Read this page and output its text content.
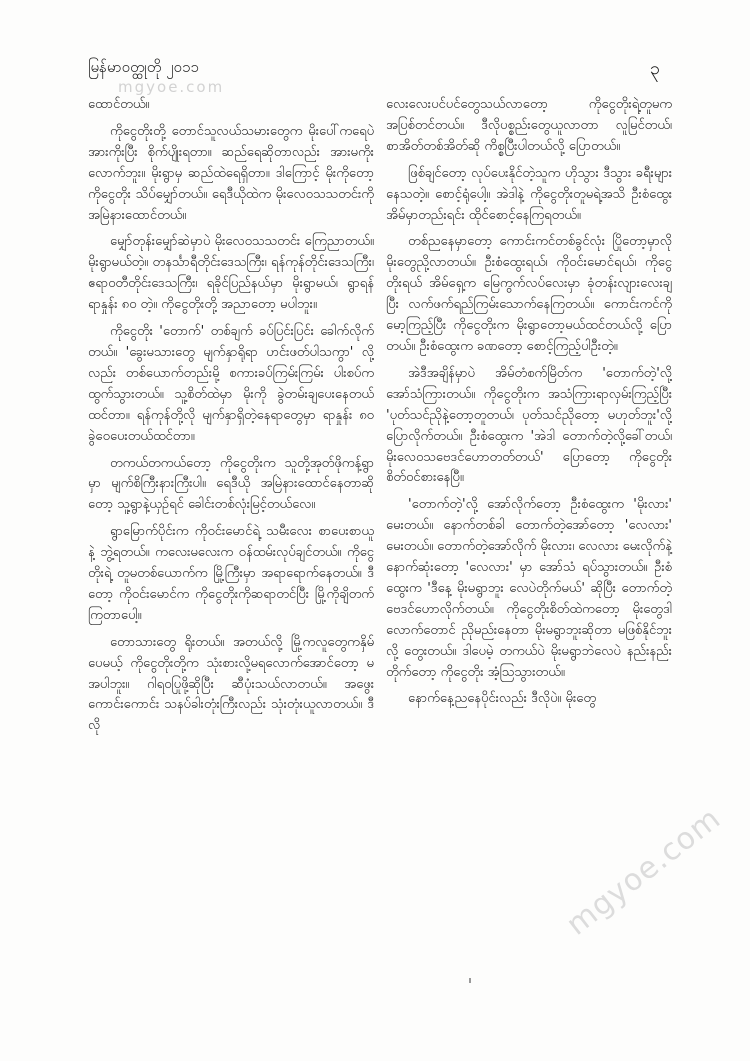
မြန်မာ၀တ္ထုတို ၂၀၁၁
mgyoe.com
၃

ထောင်တယ်။

ကိုငွေတိုးတို့ တောင်သူလယ်သမားတွေက မိုးပေါ်ကရေပဲ အားကိုးပြီး စိုက်ပျိုးရတာ။ ဆည်ရေဆိုတာလည်း အားမကိုးလောက်ဘူး။ မိုးရွာမှ ဆည်ထဲရေရှိတာ။ ဒါကြောင့် မိုးကိုတော့ ကိုငွေတိုး သိပ်မျှော်တယ်။ ရေဒီယိုထဲက မိုးလေ၀သသတင်းကို အမြဲနားထောင်တယ်။

မျှော်တုန်းမျှော်ဆဲမှာပဲ မိုးလေ၀သသတင်း ကြေညာတယ်။ မိုးရွာမယ်တဲ့။ တနင်္သာရီတိုင်းဒေသကြီး၊ ရန်ကုန်တိုင်းဒေသကြီး၊ ဧရာ၀တီတိုင်းဒေသကြီး၊ ရခိုင်ပြည်နယ်မှာ မိုးရွာမယ်၊ ရွာရန်ရာနှုန်း ၈၀ တဲ့။ ကိုငွေတိုးတို့ အညာတော့ မပါဘူး။

ကိုငွေတိုး 'တောက်' တစ်ချက် ခပ်ပြင်းပြင်း ခေါက်လိုက်တယ်။ 'ခွေးမသားတွေ မျက်နှာရိုရာ ဟင်းဖတ်ပါသကွာ' လို့လည်း တစ်ယောက်တည်းမို့ စကားခပ်ကြမ်းကြမ်း ပါးစပ်ကထွက်သွားတယ်။ သူ့စိတ်ထဲမှာ မိုးကို ခွဲတမ်းချပေးနေတယ်ထင်တာ။ ရန်ကုန်တို့လို မျက်နှာရှိတဲ့နေရာတွေမှာ ရာနှုန်း ၈၀ ခွဲ၀ေပေးတယ်ထင်တာ။

တကယ်တကယ်တော့ ကိုငွေတိုးက သူတို့အုတ်ဖိုကန့်ရွာမှာ မျက်စိကြီးနားကြီးပါ။ ရေဒီယို အမြဲနားထောင်နေတာဆိုတော့ သူ့ရွာနဲ့ယှဉ်ရင် ခေါင်းတစ်လုံးမြင့်တယ်လေ။

ရွာမြောက်ပိုင်းက ကိုဝင်းမောင်ရဲ့ သမီးလေး စာပေးစာယူနဲ့ ဘွဲ့ရတယ်။ ကလေးမလေးက ၀န်ထမ်းလုပ်ချင်တယ်။ ကိုငွေတိုးရဲ့ တူမတစ်ယောက်က မြို့ကြီးမှာ အရာရောက်နေတယ်။ ဒီတော့ ကိုဝင်းမောင်က ကိုငွေတိုးကိုဆရာတင်ပြီး မြို့ကိုချိတက်ကြတာပေါ့။

တောသားတွေ ရိုးတယ်။ အတယ်လို့ မြို့ကလူတွေကနှိမ်ပေမယ့် ကိုငွေတိုးတို့က သုံးစားလို့မရလောက်အောင်တော့ မအပါဘူး။ ဂါရ၀ပြုဖို့ဆိုပြီး ဆီပုံးသယ်လာတယ်။ အဖွေးကောင်းကောင်း သနပ်ခါးတုံးကြီးလည်း သုံးတုံးယူလာတယ်။ ဒီလို

လေးလေးပင်ပင်တွေသယ်လာတော့ ကိုငွေတိုးရဲ့တူမက အပြစ်တင်တယ်။ ဒီလိုပစ္စည်းတွေယူလာတာ လူမြင်တယ်၊ စာအိတ်တစ်အိတ်ဆို ကိစ္စပြီးပါတယ်လို့ ပြောတယ်။

ဖြစ်ချင်တော့ လုပ်ပေးနိုင်တဲ့သူက ဟိုသွား ဒီသွား ခရီးများနေသတဲ့။ စောင့်ရုံပေါ့။ အဲဒါနဲ့ ကိုငွေတိုးတူမရဲ့အသိ ဦးစံထွေးအိမ်မှာတည်းရင်း ထိုင်စောင့်နေကြရတယ်။

တစ်ညနေမှာတော့ ကောင်းကင်တစ်ခွင်လုံး ပြိုတော့မှာလို မိုးတွေညို့လာတယ်။ ဦးစံထွေးရယ်၊ ကိုဝင်းမောင်ရယ်၊ ကိုငွေတိုးရယ် အိမ်ရှေ့က မြေကွက်လပ်လေးမှာ ခုံတန်းလျားလေးချပြီး လက်ဖက်ရည်ကြမ်းသောက်နေကြတယ်။ ကောင်းကင်ကိုမော့ကြည့်ပြီး ကိုငွေတိုးက မိုးရွာတော့မယ်ထင်တယ်လို့ ပြောတယ်။ ဦးစံထွေးက ခဏတော့ စောင့်ကြည့်ပါဦးတဲ့။

အဲဒီအချိန်မှာပဲ အိမ်တံစက်မြိတ်က 'တောက်တဲ့'လို့ အော်သံကြားတယ်။ ကိုငွေတိုးက အသံကြားရာလှမ်းကြည့်ပြီး 'ပုတ်သင်ညိုနဲ့တော့တူတယ်၊ ပုတ်သင်ညိုတော့ မဟုတ်ဘူး'လို့ ပြောလိုက်တယ်။ ဦးစံထွေးက 'အဲဒါ တောက်တဲ့လို့ခေါ်တယ်၊ မိုးလေ၀သဗေဒင်ဟောတတ်တယ်' ပြောတော့ ကိုငွေတိုး စိတ်၀င်စားနေပြီ။

'တောက်တဲ့'လို့ အော်လိုက်တော့ ဦးစံထွေးက 'မိုးလား' မေးတယ်။ နောက်တစ်ခါ တောက်တဲ့အော်တော့ 'လေလား' မေးတယ်။ တောက်တဲ့အော်လိုက် မိုးလား၊ လေလား မေးလိုက်နဲ့ နောက်ဆုံးတော့ 'လေလား' မှာ အော်သံ ရပ်သွားတယ်။ ဦးစံထွေးက 'ဒီနေ့ မိုးမရွာဘူး လေပဲတိုက်မယ်' ဆိုပြီး တောက်တဲ့ဗေဒင်ဟောလိုက်တယ်။ ကိုငွေတိုးစိတ်ထဲကတော့ မိုးတွေဒါလောက်တောင် ညိုမည်းနေတာ မိုးမရွာဘူးဆိုတာ မဖြစ်နိုင်ဘူးလို့ တွေးတယ်။ ဒါပေမဲ့ တကယ်ပဲ မိုးမရွာဘဲလေပဲ နည်းနည်းတိုက်တော့ ကိုငွေတိုး အံ့ဩသွားတယ်။

နောက်နေ့ညနေပိုင်းလည်း ဒီလိုပဲ။ မိုးတွေ

mgyoe.com
